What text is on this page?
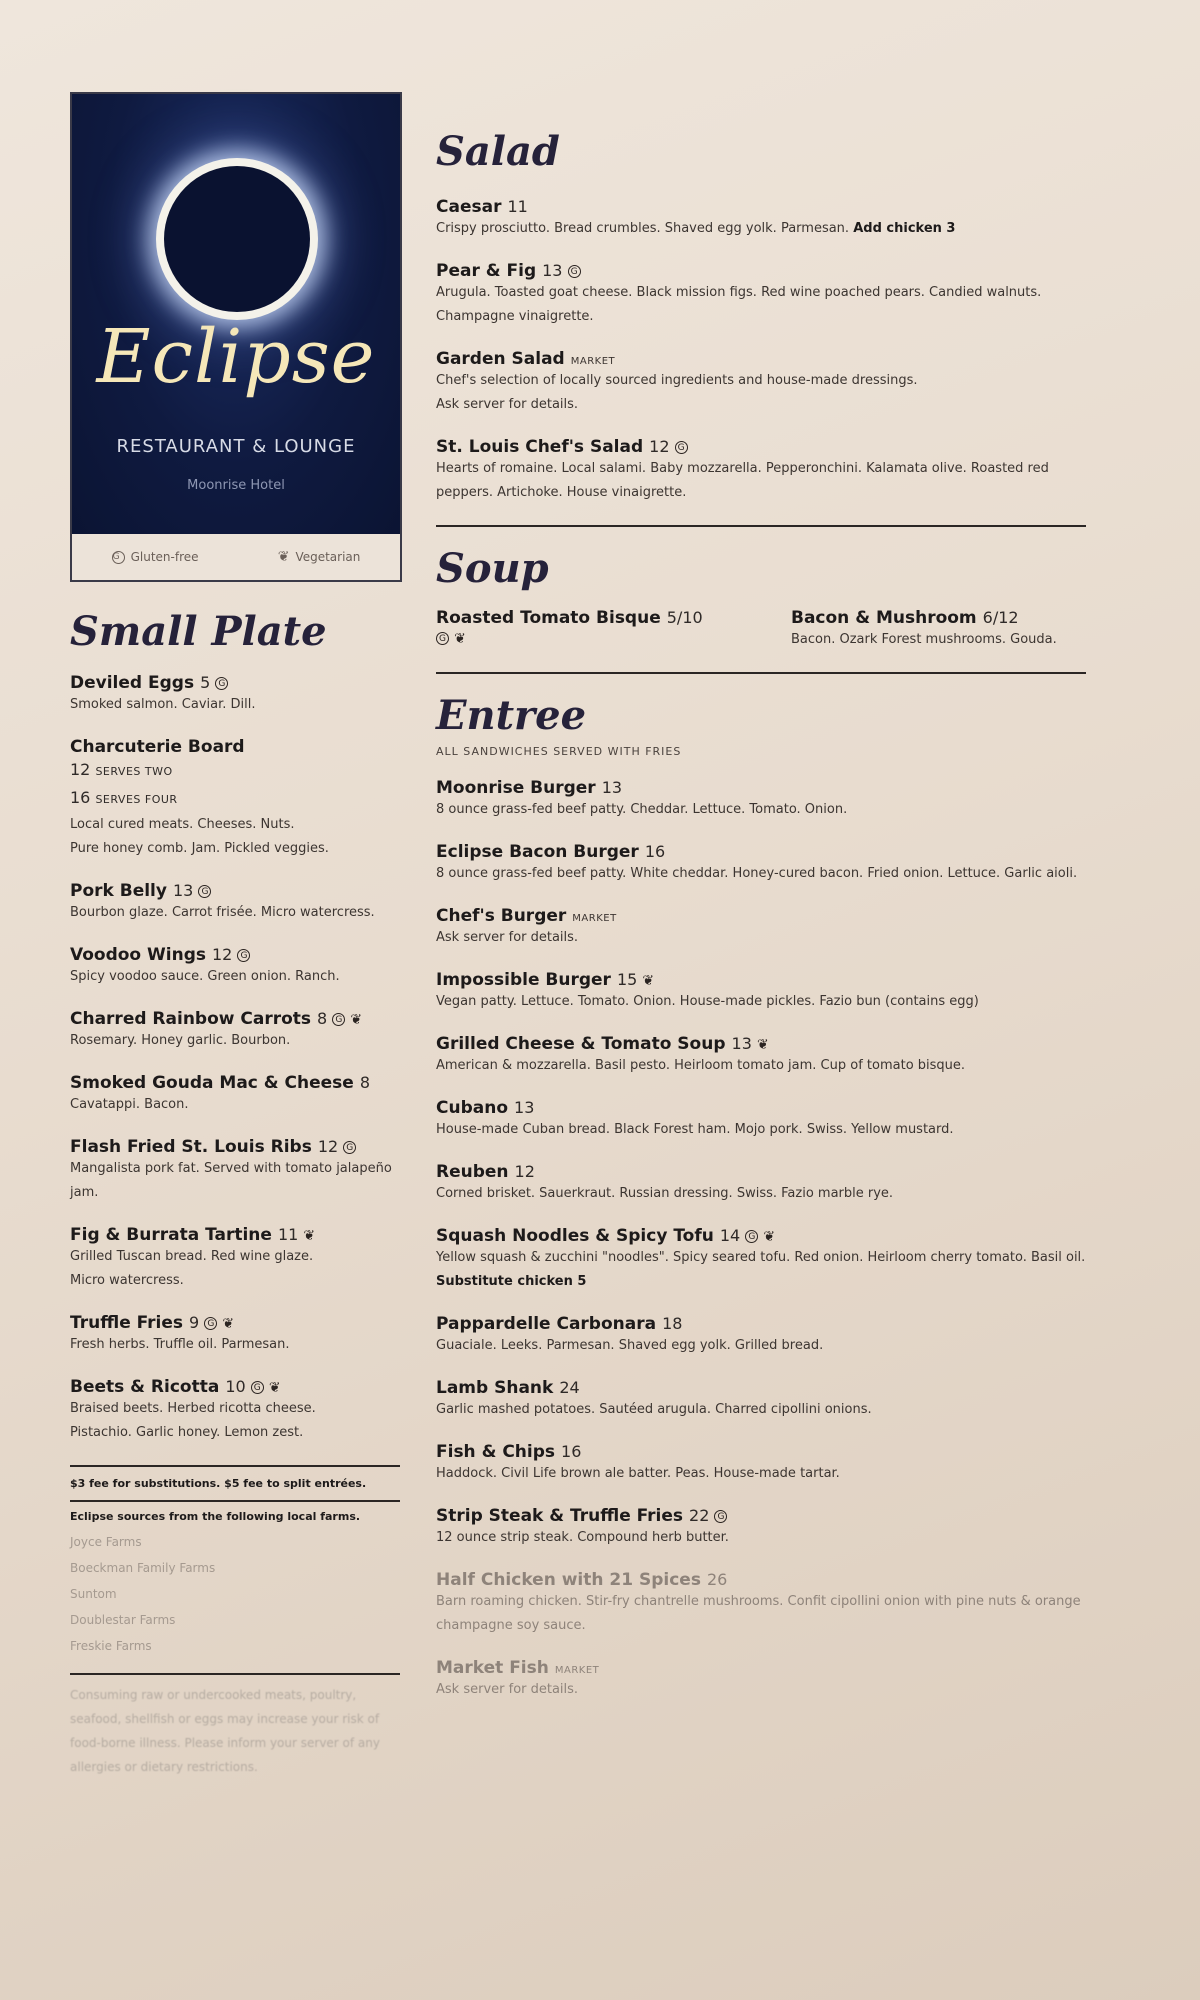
Eclipse
RESTAURANT & LOUNGE
Moonrise Hotel
G Gluten-free	❦ Vegetarian
Small Plate
Deviled Eggs 5 G
Smoked salmon. Caviar. Dill.
Charcuterie Board
12 SERVES TWO
16 SERVES FOUR
Local cured meats. Cheeses. Nuts.
Pure honey comb. Jam. Pickled veggies.
Pork Belly 13 G
Bourbon glaze. Carrot frisée. Micro watercress.
Voodoo Wings 12 G
Spicy voodoo sauce. Green onion. Ranch.
Charred Rainbow Carrots 8 G ❦
Rosemary. Honey garlic. Bourbon.
Smoked Gouda Mac & Cheese 8
Cavatappi. Bacon.
Flash Fried St. Louis Ribs 12 G
Mangalista pork fat. Served with tomato jalapeño jam.
Fig & Burrata Tartine 11 ❦
Grilled Tuscan bread. Red wine glaze.
Micro watercress.
Truffle Fries 9 G ❦
Fresh herbs. Truffle oil. Parmesan.
Beets & Ricotta 10 G ❦
Braised beets. Herbed ricotta cheese.
Pistachio. Garlic honey. Lemon zest.
$3 fee for substitutions. $5 fee to split entrées.
Eclipse sources from the following local farms.
Joyce Farms
Boeckman Family Farms
Suntom
Doublestar Farms
Freskie Farms
Consuming raw or undercooked meats, poultry, seafood, shellfish or eggs may increase your risk of food-borne illness. Please inform your server of any allergies or dietary restrictions.
Salad
Caesar 11
Crispy prosciutto. Bread crumbles. Shaved egg yolk. Parmesan. Add chicken 3
Pear & Fig 13 G
Arugula. Toasted goat cheese. Black mission figs. Red wine poached pears. Candied walnuts. Champagne vinaigrette.
Garden Salad MARKET
Chef's selection of locally sourced ingredients and house-made dressings.
Ask server for details.
St. Louis Chef's Salad 12 G
Hearts of romaine. Local salami. Baby mozzarella. Pepperonchini. Kalamata olive. Roasted red peppers. Artichoke. House vinaigrette.
Soup
Roasted Tomato Bisque 5/10
G ❦
Bacon & Mushroom 6/12
Bacon. Ozark Forest mushrooms. Gouda.
Entree
ALL SANDWICHES SERVED WITH FRIES
Moonrise Burger 13
8 ounce grass-fed beef patty. Cheddar. Lettuce. Tomato. Onion.
Eclipse Bacon Burger 16
8 ounce grass-fed beef patty. White cheddar. Honey-cured bacon. Fried onion. Lettuce. Garlic aioli.
Chef's Burger MARKET
Ask server for details.
Impossible Burger 15 ❦
Vegan patty. Lettuce. Tomato. Onion. House-made pickles. Fazio bun (contains egg)
Grilled Cheese & Tomato Soup 13 ❦
American & mozzarella. Basil pesto. Heirloom tomato jam. Cup of tomato bisque.
Cubano 13
House-made Cuban bread. Black Forest ham. Mojo pork. Swiss. Yellow mustard.
Reuben 12
Corned brisket. Sauerkraut. Russian dressing. Swiss. Fazio marble rye.
Squash Noodles & Spicy Tofu 14 G ❦
Yellow squash & zucchini "noodles". Spicy seared tofu. Red onion. Heirloom cherry tomato. Basil oil. Substitute chicken 5
Pappardelle Carbonara 18
Guaciale. Leeks. Parmesan. Shaved egg yolk. Grilled bread.
Lamb Shank 24
Garlic mashed potatoes. Sautéed arugula. Charred cipollini onions.
Fish & Chips 16
Haddock. Civil Life brown ale batter. Peas. House-made tartar.
Strip Steak & Truffle Fries 22 G
12 ounce strip steak. Compound herb butter.
Half Chicken with 21 Spices 26
Barn roaming chicken. Stir-fry chantrelle mushrooms. Confit cipollini onion with pine nuts & orange champagne soy sauce.
Market Fish MARKET
Ask server for details.
